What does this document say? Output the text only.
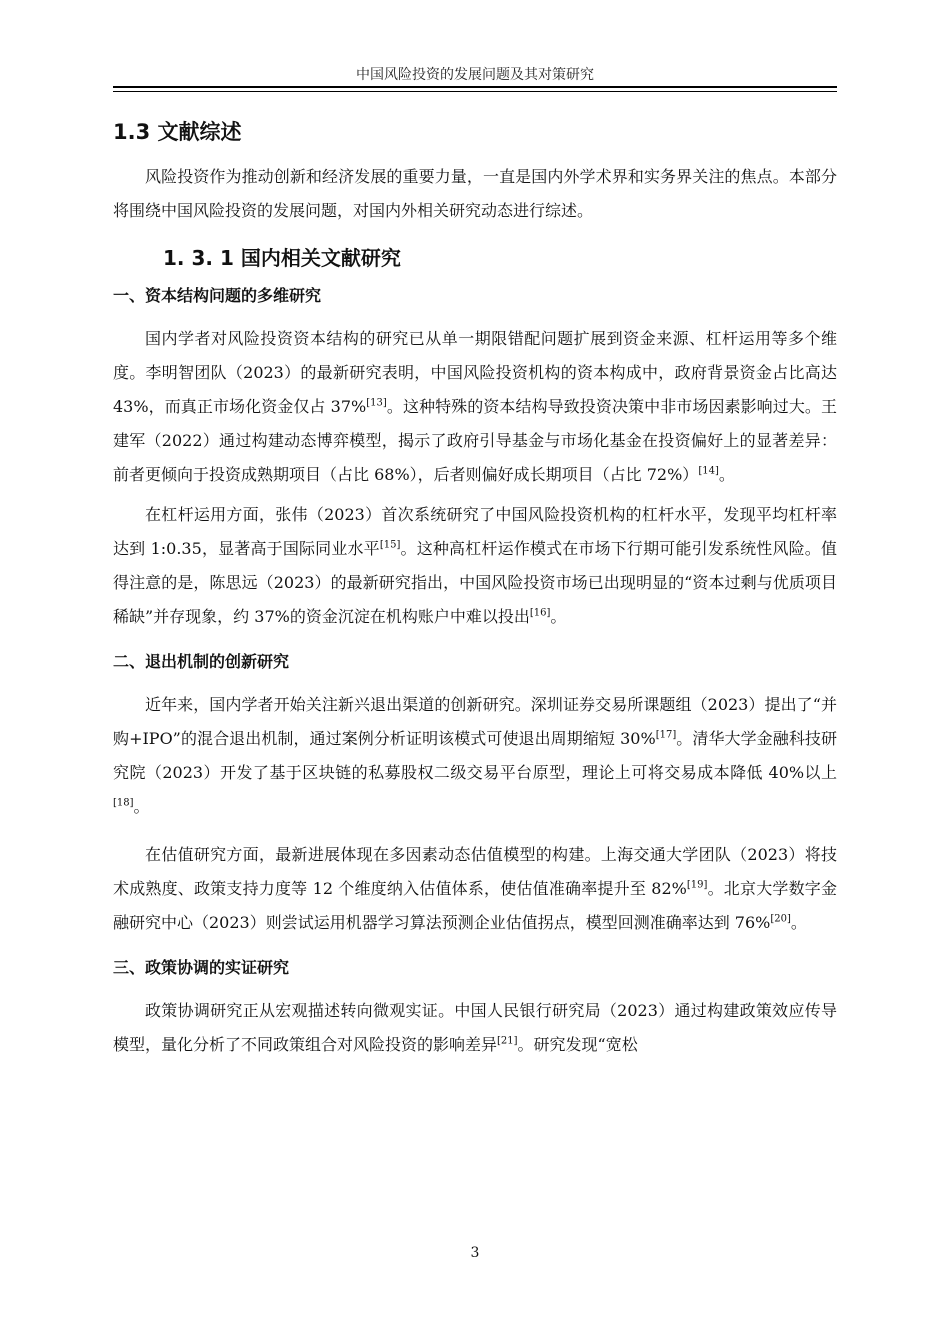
中国风险投资的发展问题及其对策研究
1.3 文献综述

风险投资作为推动创新和经济发展的重要力量，一直是国内外学术界和实务界关注的焦点。本部分将围绕中国风险投资的发展问题，对国内外相关研究动态进行综述。

1. 3. 1 国内相关文献研究
一、资本结构问题的多维研究

国内学者对风险投资资本结构的研究已从单一期限错配问题扩展到资金来源、杠杆运用等多个维度。李明智团队（2023）的最新研究表明，中国风险投资机构的资本构成中，政府背景资金占比高达 43%，而真正市场化资金仅占 37%[13]。这种特殊的资本结构导致投资决策中非市场因素影响过大。王建军（2022）通过构建动态博弈模型，揭示了政府引导基金与市场化基金在投资偏好上的显著差异：前者更倾向于投资成熟期项目（占比 68%），后者则偏好成长期项目（占比 72%）[14]。

在杠杆运用方面，张伟（2023）首次系统研究了中国风险投资机构的杠杆水平，发现平均杠杆率达到 1:0.35，显著高于国际同业水平[15]。这种高杠杆运作模式在市场下行期可能引发系统性风险。值得注意的是，陈思远（2023）的最新研究指出，中国风险投资市场已出现明显的“资本过剩与优质项目稀缺”并存现象，约 37%的资金沉淀在机构账户中难以投出[16]。

二、退出机制的创新研究

近年来，国内学者开始关注新兴退出渠道的创新研究。深圳证券交易所课题组（2023）提出了“并购+IPO”的混合退出机制，通过案例分析证明该模式可使退出周期缩短 30%[17]。清华大学金融科技研究院（2023）开发了基于区块链的私募股权二级交易平台原型，理论上可将交易成本降低 40%以上[18]。

在估值研究方面，最新进展体现在多因素动态估值模型的构建。上海交通大学团队（2023）将技术成熟度、政策支持力度等 12 个维度纳入估值体系，使估值准确率提升至 82%[19]。北京大学数字金融研究中心（2023）则尝试运用机器学习算法预测企业估值拐点，模型回测准确率达到 76%[20]。

三、政策协调的实证研究

政策协调研究正从宏观描述转向微观实证。中国人民银行研究局（2023）通过构建政策效应传导模型，量化分析了不同政策组合对风险投资的影响差异[21]。研究发现“宽松

3
